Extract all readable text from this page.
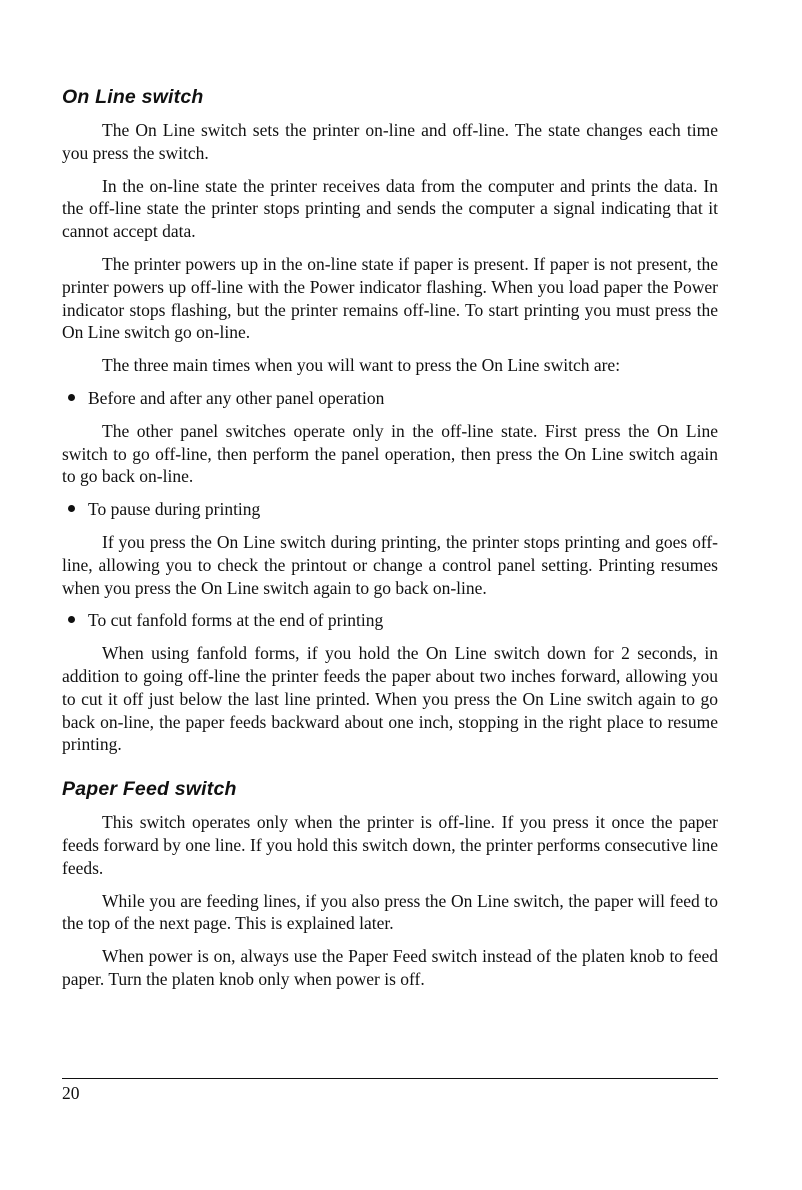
On Line switch

The On Line switch sets the printer on-line and off-line. The state changes each time you press the switch.

In the on-line state the printer receives data from the computer and prints the data. In the off-line state the printer stops printing and sends the computer a signal indicating that it cannot accept data.

The printer powers up in the on-line state if paper is present. If paper is not present, the printer powers up off-line with the Power indicator flashing. When you load paper the Power indicator stops flashing, but the printer remains off-line. To start printing you must press the On Line switch go on-line.

The three main times when you will want to press the On Line switch are:

Before and after any other panel operation

The other panel switches operate only in the off-line state. First press the On Line switch to go off-line, then perform the panel operation, then press the On Line switch again to go back on-line.

To pause during printing

If you press the On Line switch during printing, the printer stops printing and goes off-line, allowing you to check the printout or change a control panel setting. Printing resumes when you press the On Line switch again to go back on-line.

To cut fanfold forms at the end of printing

When using fanfold forms, if you hold the On Line switch down for 2 seconds, in addition to going off-line the printer feeds the paper about two inches forward, allowing you to cut it off just below the last line printed. When you press the On Line switch again to go back on-line, the paper feeds backward about one inch, stopping in the right place to resume printing.

Paper Feed switch

This switch operates only when the printer is off-line. If you press it once the paper feeds forward by one line. If you hold this switch down, the printer performs consecutive line feeds.

While you are feeding lines, if you also press the On Line switch, the paper will feed to the top of the next page. This is explained later.

When power is on, always use the Paper Feed switch instead of the platen knob to feed paper. Turn the platen knob only when power is off.

20
